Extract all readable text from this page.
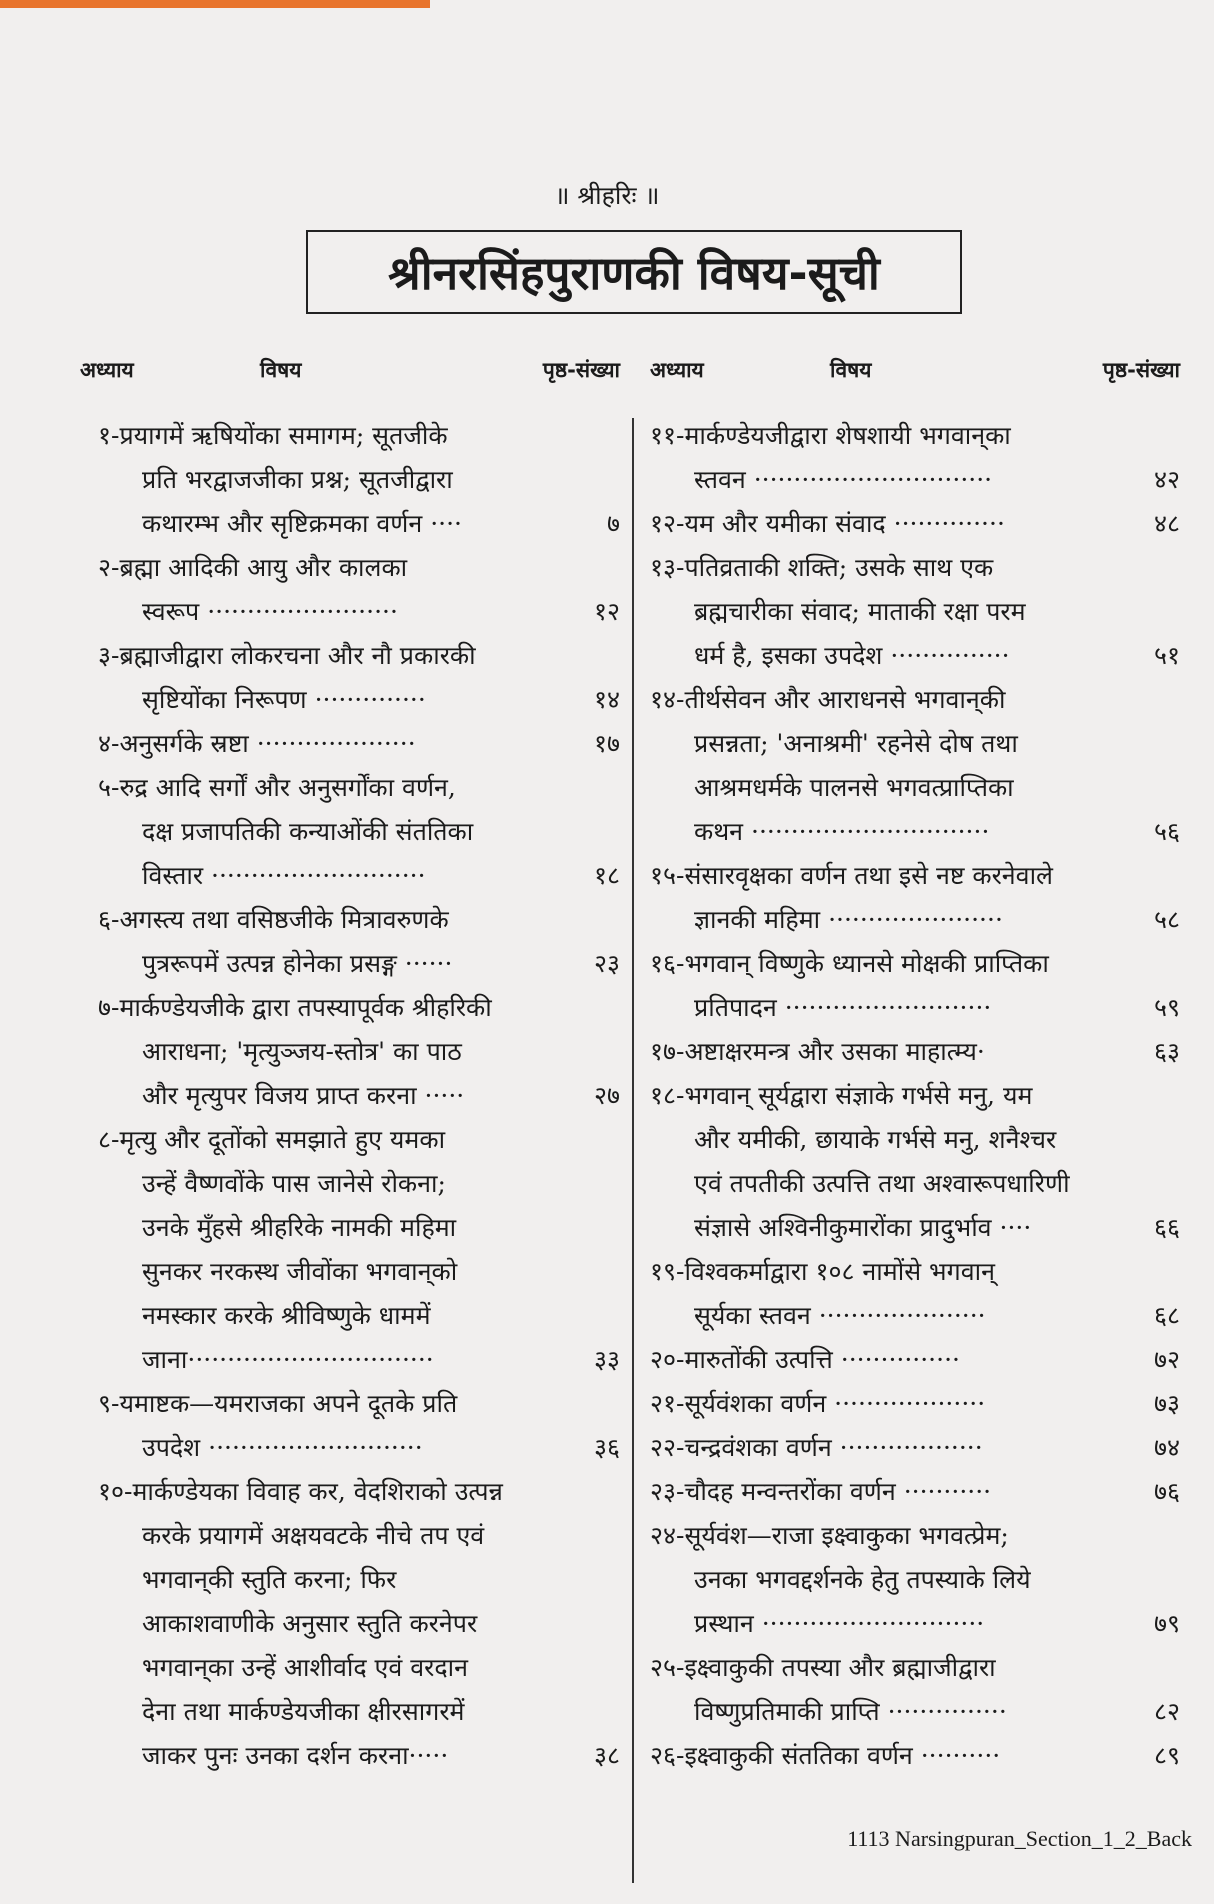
॥ श्रीहरिः ॥
श्रीनरसिंहपुराणकी विषय-सूची
अध्याय	विषय	पृष्ठ-संख्या अध्याय	विषय	पृष्ठ-संख्या
१-प्रयागमें ऋषियोंका समागम; सूतजीके
प्रति भरद्वाजजीका प्रश्न; सूतजीद्वारा
कथारम्भ और सृष्टिक्रमका वर्णन ····	७
२-ब्रह्मा आदिकी आयु और कालका
स्वरूप ························	१२
३-ब्रह्माजीद्वारा लोकरचना और नौ प्रकारकी
सृष्टियोंका निरूपण ··············	१४
४-अनुसर्गके स्रष्टा ····················	१७
५-रुद्र आदि सर्गों और अनुसर्गोंका वर्णन,
दक्ष प्रजापतिकी कन्याओंकी संततिका
विस्तार ···························	१८
६-अगस्त्य तथा वसिष्ठजीके मित्रावरुणके
पुत्ररूपमें उत्पन्न होनेका प्रसङ्ग ······	२३
७-मार्कण्डेयजीके द्वारा तपस्यापूर्वक श्रीहरिकी
आराधना; 'मृत्युञ्जय-स्तोत्र' का पाठ
और मृत्युपर विजय प्राप्त करना ·····	२७
८-मृत्यु और दूतोंको समझाते हुए यमका
उन्हें वैष्णवोंके पास जानेसे रोकना;
उनके मुँहसे श्रीहरिके नामकी महिमा
सुनकर नरकस्थ जीवोंका भगवान्‌को
नमस्कार करके श्रीविष्णुके धाममें
जाना·······························	३३
९-यमाष्टक—यमराजका अपने दूतके प्रति
उपदेश ···························	३६
१०-मार्कण्डेयका विवाह कर, वेदशिराको उत्पन्न
करके प्रयागमें अक्षयवटके नीचे तप एवं
भगवान्‌की स्तुति करना; फिर
आकाशवाणीके अनुसार स्तुति करनेपर
भगवान्‌का उन्हें आशीर्वाद एवं वरदान
देना तथा मार्कण्डेयजीका क्षीरसागरमें
जाकर पुनः उनका दर्शन करना·····	३८
११-मार्कण्डेयजीद्वारा शेषशायी भगवान्‌का
स्तवन ······························	४२
१२-यम और यमीका संवाद ··············	४८
१३-पतिव्रताकी शक्ति; उसके साथ एक
ब्रह्मचारीका संवाद; माताकी रक्षा परम
धर्म है, इसका उपदेश ···············	५१
१४-तीर्थसेवन और आराधनसे भगवान्‌की
प्रसन्नता; 'अनाश्रमी' रहनेसे दोष तथा
आश्रमधर्मके पालनसे भगवत्प्राप्तिका
कथन ······························	५६
१५-संसारवृक्षका वर्णन तथा इसे नष्ट करनेवाले
ज्ञानकी महिमा ······················	५८
१६-भगवान् विष्णुके ध्यानसे मोक्षकी प्राप्तिका
प्रतिपादन ··························	५९
१७-अष्टाक्षरमन्त्र और उसका माहात्म्य·	६३
१८-भगवान् सूर्यद्वारा संज्ञाके गर्भसे मनु, यम
और यमीकी, छायाके गर्भसे मनु, शनैश्चर
एवं तपतीकी उत्पत्ति तथा अश्वारूपधारिणी
संज्ञासे अश्विनीकुमारोंका प्रादुर्भाव ····	६६
१९-विश्वकर्माद्वारा १०८ नामोंसे भगवान्
सूर्यका स्तवन ·····················	६८
२०-मारुतोंकी उत्पत्ति ···············	७२
२१-सूर्यवंशका वर्णन ···················	७३
२२-चन्द्रवंशका वर्णन ··················	७४
२३-चौदह मन्वन्तरोंका वर्णन ···········	७६
२४-सूर्यवंश—राजा इक्ष्वाकुका भगवत्प्रेम;
उनका भगवद्दर्शनके हेतु तपस्याके लिये
प्रस्थान ····························	७९
२५-इक्ष्वाकुकी तपस्या और ब्रह्माजीद्वारा
विष्णुप्रतिमाकी प्राप्ति ···············	८२
२६-इक्ष्वाकुकी संततिका वर्णन ··········	८९
1113 Narsingpuran_Section_1_2_Back
